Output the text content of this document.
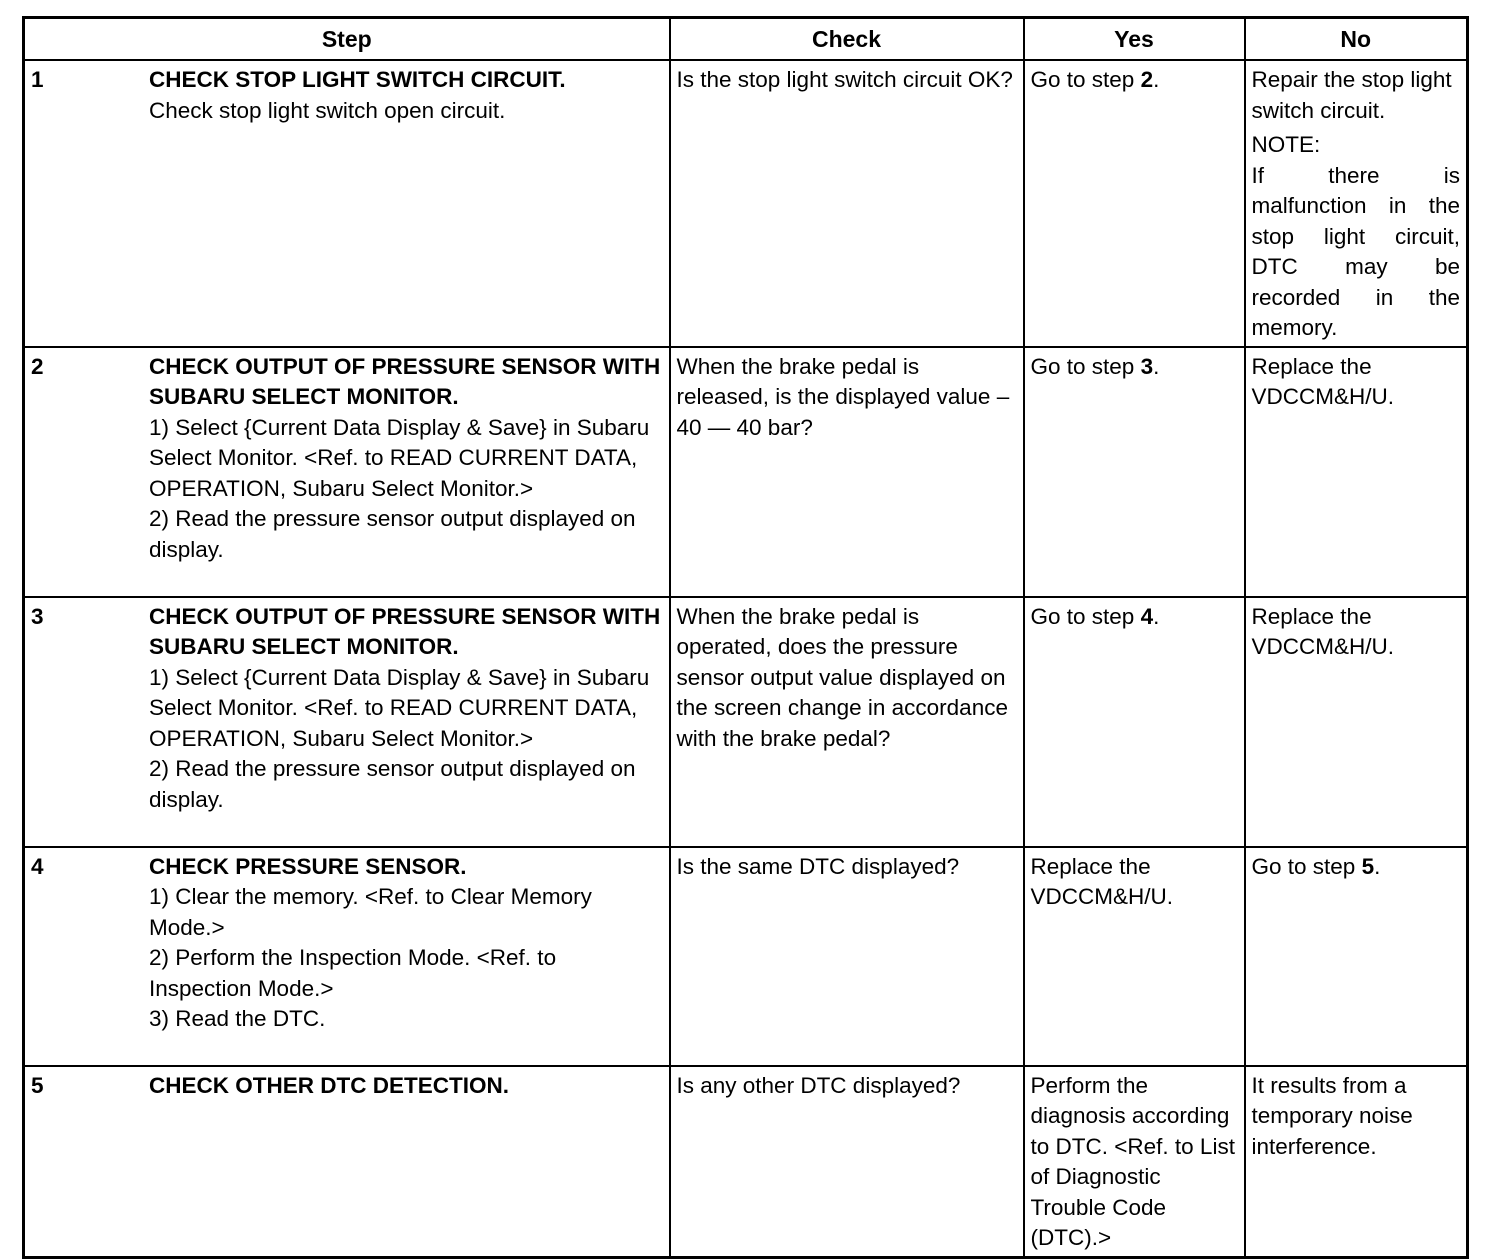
Step	Check	Yes	No

1 CHECK STOP LIGHT SWITCH CIRCUIT.
Check stop light switch open circuit.	Is the stop light switch circuit OK?	Go to step 2.	Repair the stop light switch circuit.
NOTE:
If there is malfunction in the stop light circuit, DTC may be recorded in the memory.

2 CHECK OUTPUT OF PRESSURE SENSOR WITH SUBARU SELECT MONITOR.
1) Select {Current Data Display & Save} in Subaru Select Monitor. <Ref. to READ CURRENT DATA, OPERATION, Subaru Select Monitor.>
2) Read the pressure sensor output displayed on display.	When the brake pedal is released, is the displayed value –40 — 40 bar?	Go to step 3.	Replace the VDCCM&H/U.

3 CHECK OUTPUT OF PRESSURE SENSOR WITH SUBARU SELECT MONITOR.
1) Select {Current Data Display & Save} in Subaru Select Monitor. <Ref. to READ CURRENT DATA, OPERATION, Subaru Select Monitor.>
2) Read the pressure sensor output displayed on display.	When the brake pedal is operated, does the pressure sensor output value displayed on the screen change in accordance with the brake pedal?	Go to step 4.	Replace the VDCCM&H/U.

4 CHECK PRESSURE SENSOR.
1) Clear the memory. <Ref. to Clear Memory Mode.>
2) Perform the Inspection Mode. <Ref. to Inspection Mode.>
3) Read the DTC.	Is the same DTC displayed?	Replace the VDCCM&H/U.	Go to step 5.

5 CHECK OTHER DTC DETECTION.	Is any other DTC displayed?	Perform the diagnosis according to DTC. <Ref. to List of Diagnostic Trouble Code (DTC).>	It results from a temporary noise interference.
